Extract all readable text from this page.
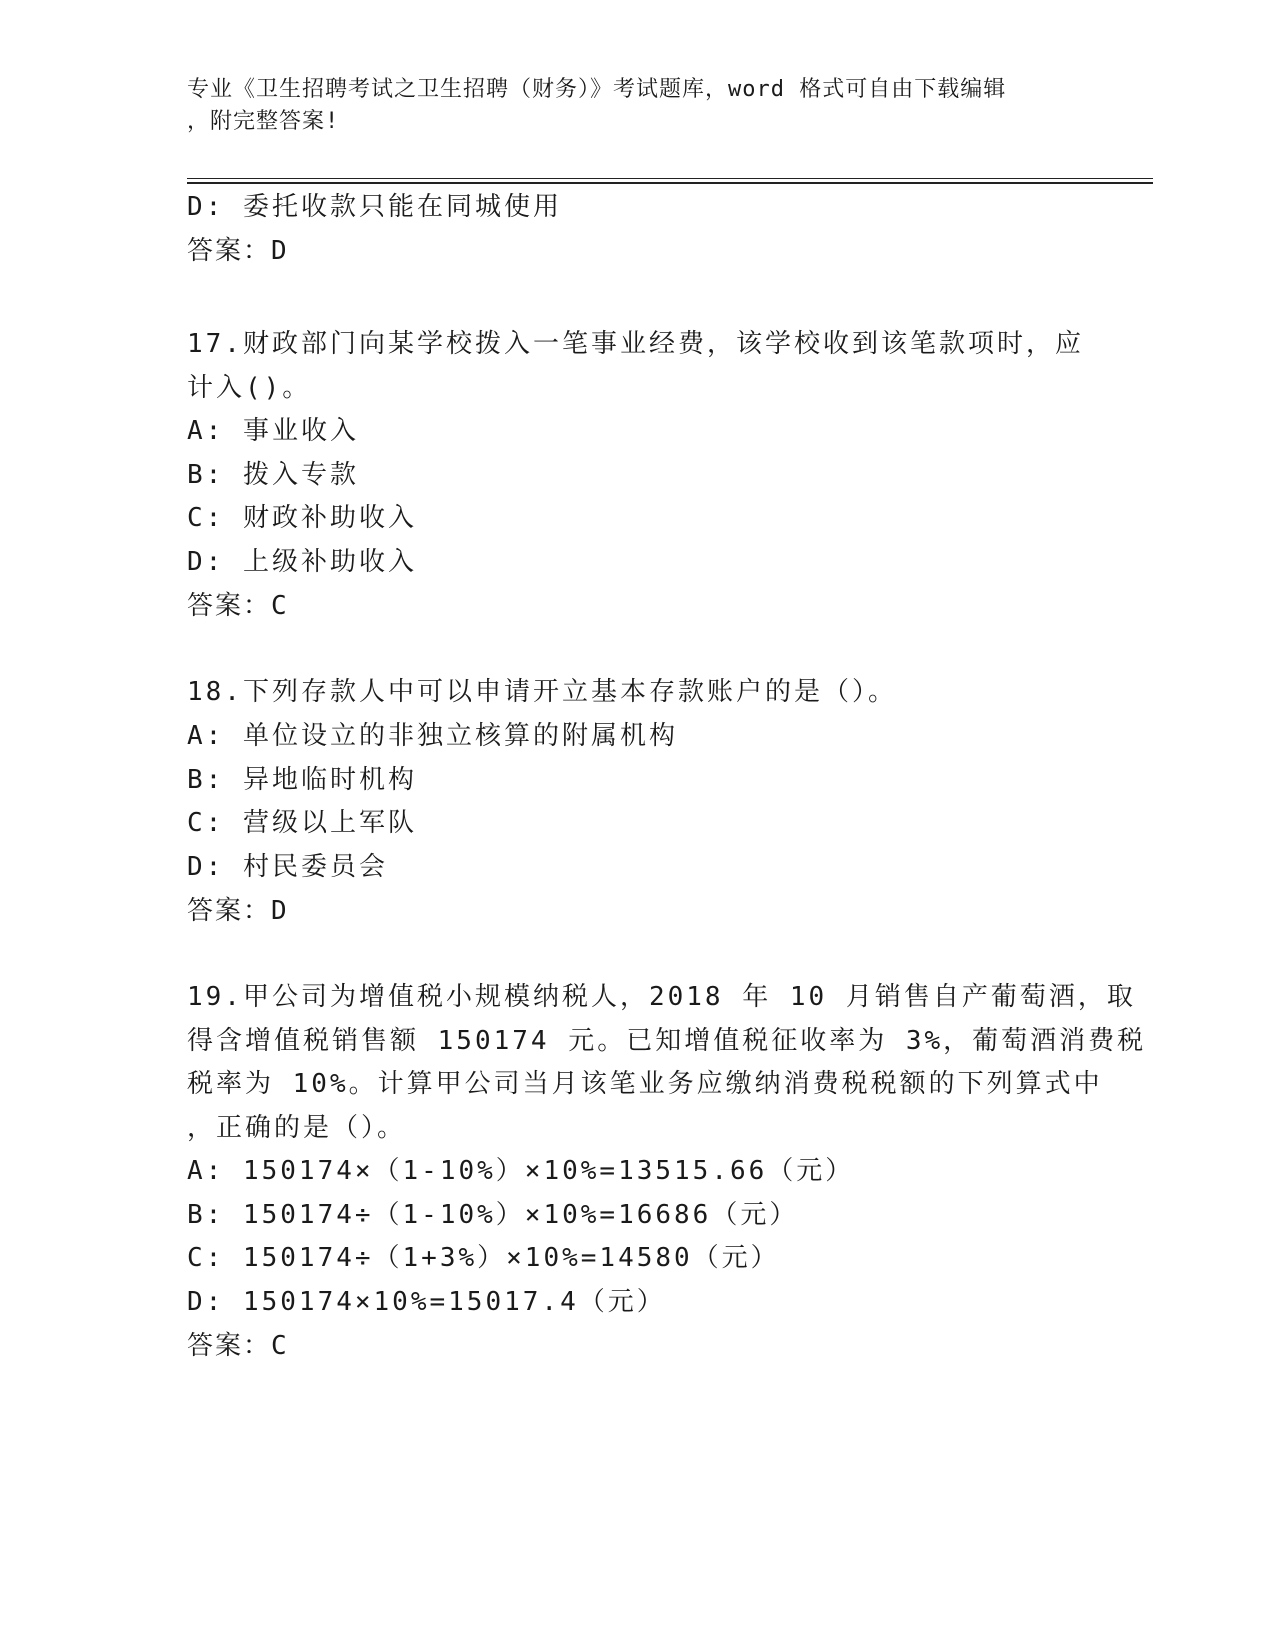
专业《卫生招聘考试之卫生招聘（财务）》考试题库，word 格式可自由下载编辑
，附完整答案!
D: 委托收款只能在同城使用
答案：D
17.财政部门向某学校拨入一笔事业经费，该学校收到该笔款项时，应
计入()。
A: 事业收入
B: 拨入专款
C: 财政补助收入
D: 上级补助收入
答案：C
18.下列存款人中可以申请开立基本存款账户的是（）。
A: 单位设立的非独立核算的附属机构
B: 异地临时机构
C: 营级以上军队
D: 村民委员会
答案：D
19.甲公司为增值税小规模纳税人，2018 年 10 月销售自产葡萄酒，取
得含增值税销售额 150174 元。已知增值税征收率为 3%，葡萄酒消费税
税率为 10%。计算甲公司当月该笔业务应缴纳消费税税额的下列算式中
，正确的是（）。
A: 150174×（1-10%）×10%=13515.66（元）
B: 150174÷（1-10%）×10%=16686（元）
C: 150174÷（1+3%）×10%=14580（元）
D: 150174×10%=15017.4（元）
答案：C
